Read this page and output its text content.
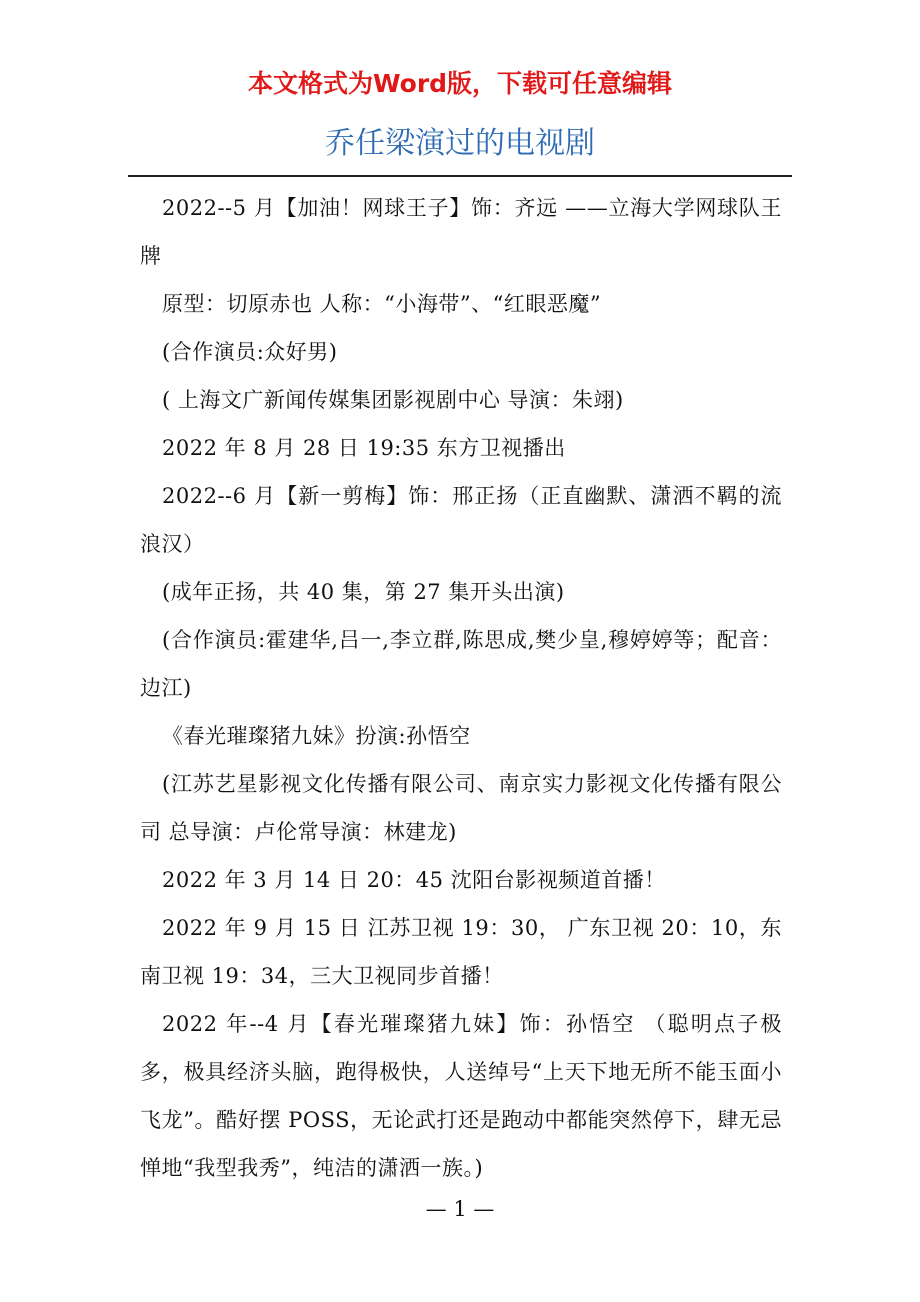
本文格式为Word版，下载可任意编辑
乔任梁演过的电视剧

2022--5 月【加油！网球王子】饰：齐远 ——立海大学网球队王牌

原型：切原赤也 人称：“小海带”、“红眼恶魔”

(合作演员:众好男)

( 上海文广新闻传媒集团影视剧中心 导演：朱翊)

2022 年 8 月 28 日 19:35 东方卫视播出

2022--6 月【新一剪梅】饰：邢正扬（正直幽默、潇洒不羁的流浪汉）

(成年正扬，共 40 集，第 27 集开头出演)

(合作演员:霍建华,吕一,李立群,陈思成,樊少皇,穆婷婷等；配音：边江)

《春光璀璨猪九妹》扮演:孙悟空

(江苏艺星影视文化传播有限公司、南京实力影视文化传播有限公司 总导演：卢伦常导演：林建龙)

2022 年 3 月 14 日 20：45 沈阳台影视频道首播！

2022 年 9 月 15 日 江苏卫视 19：30， 广东卫视 20：10，东南卫视 19：34，三大卫视同步首播！

2022 年--4 月【春光璀璨猪九妹】饰：孙悟空 （聪明点子极多，极具经济头脑，跑得极快，人送绰号“上天下地无所不能玉面小飞龙”。酷好摆 POSS，无论武打还是跑动中都能突然停下，肆无忌惮地“我型我秀”，纯洁的潇洒一族。)

— 1 —
